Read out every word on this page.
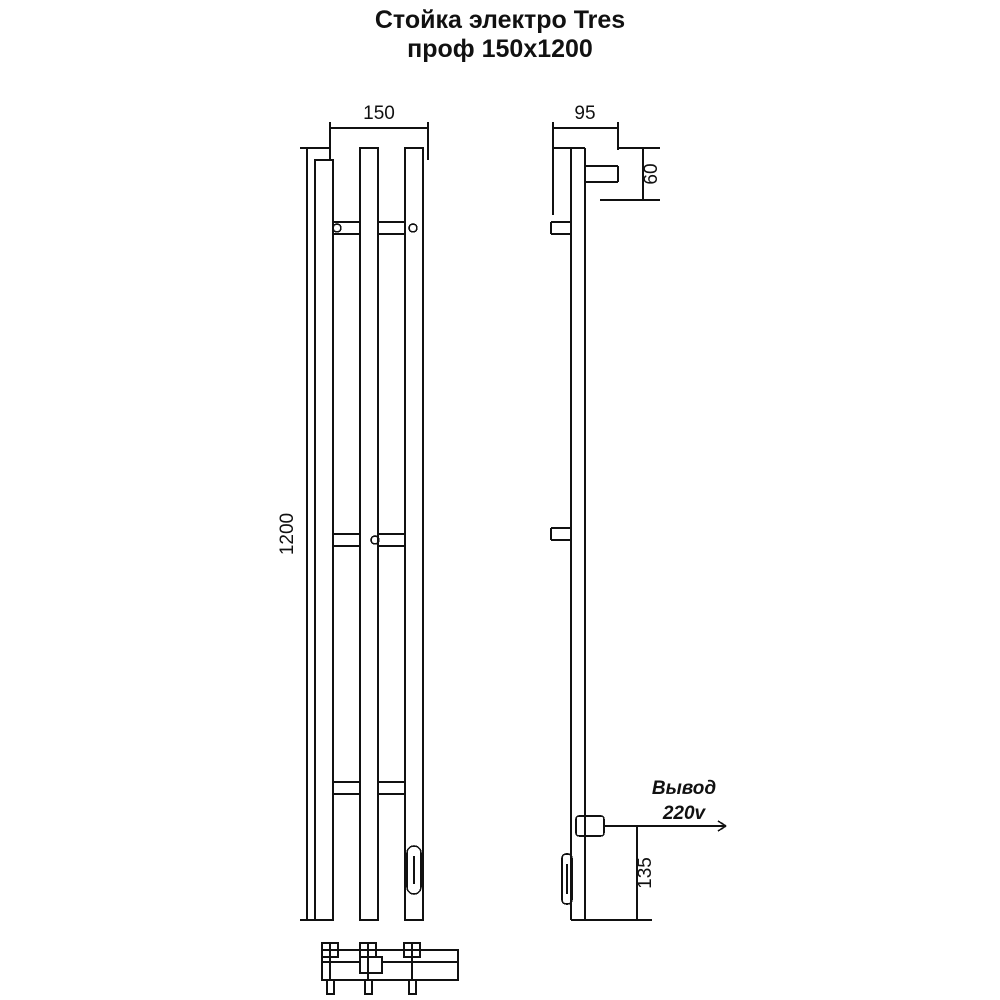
Стойка электро Tres
проф 150х1200
150
1200
95
60
135
Вывод
220v
